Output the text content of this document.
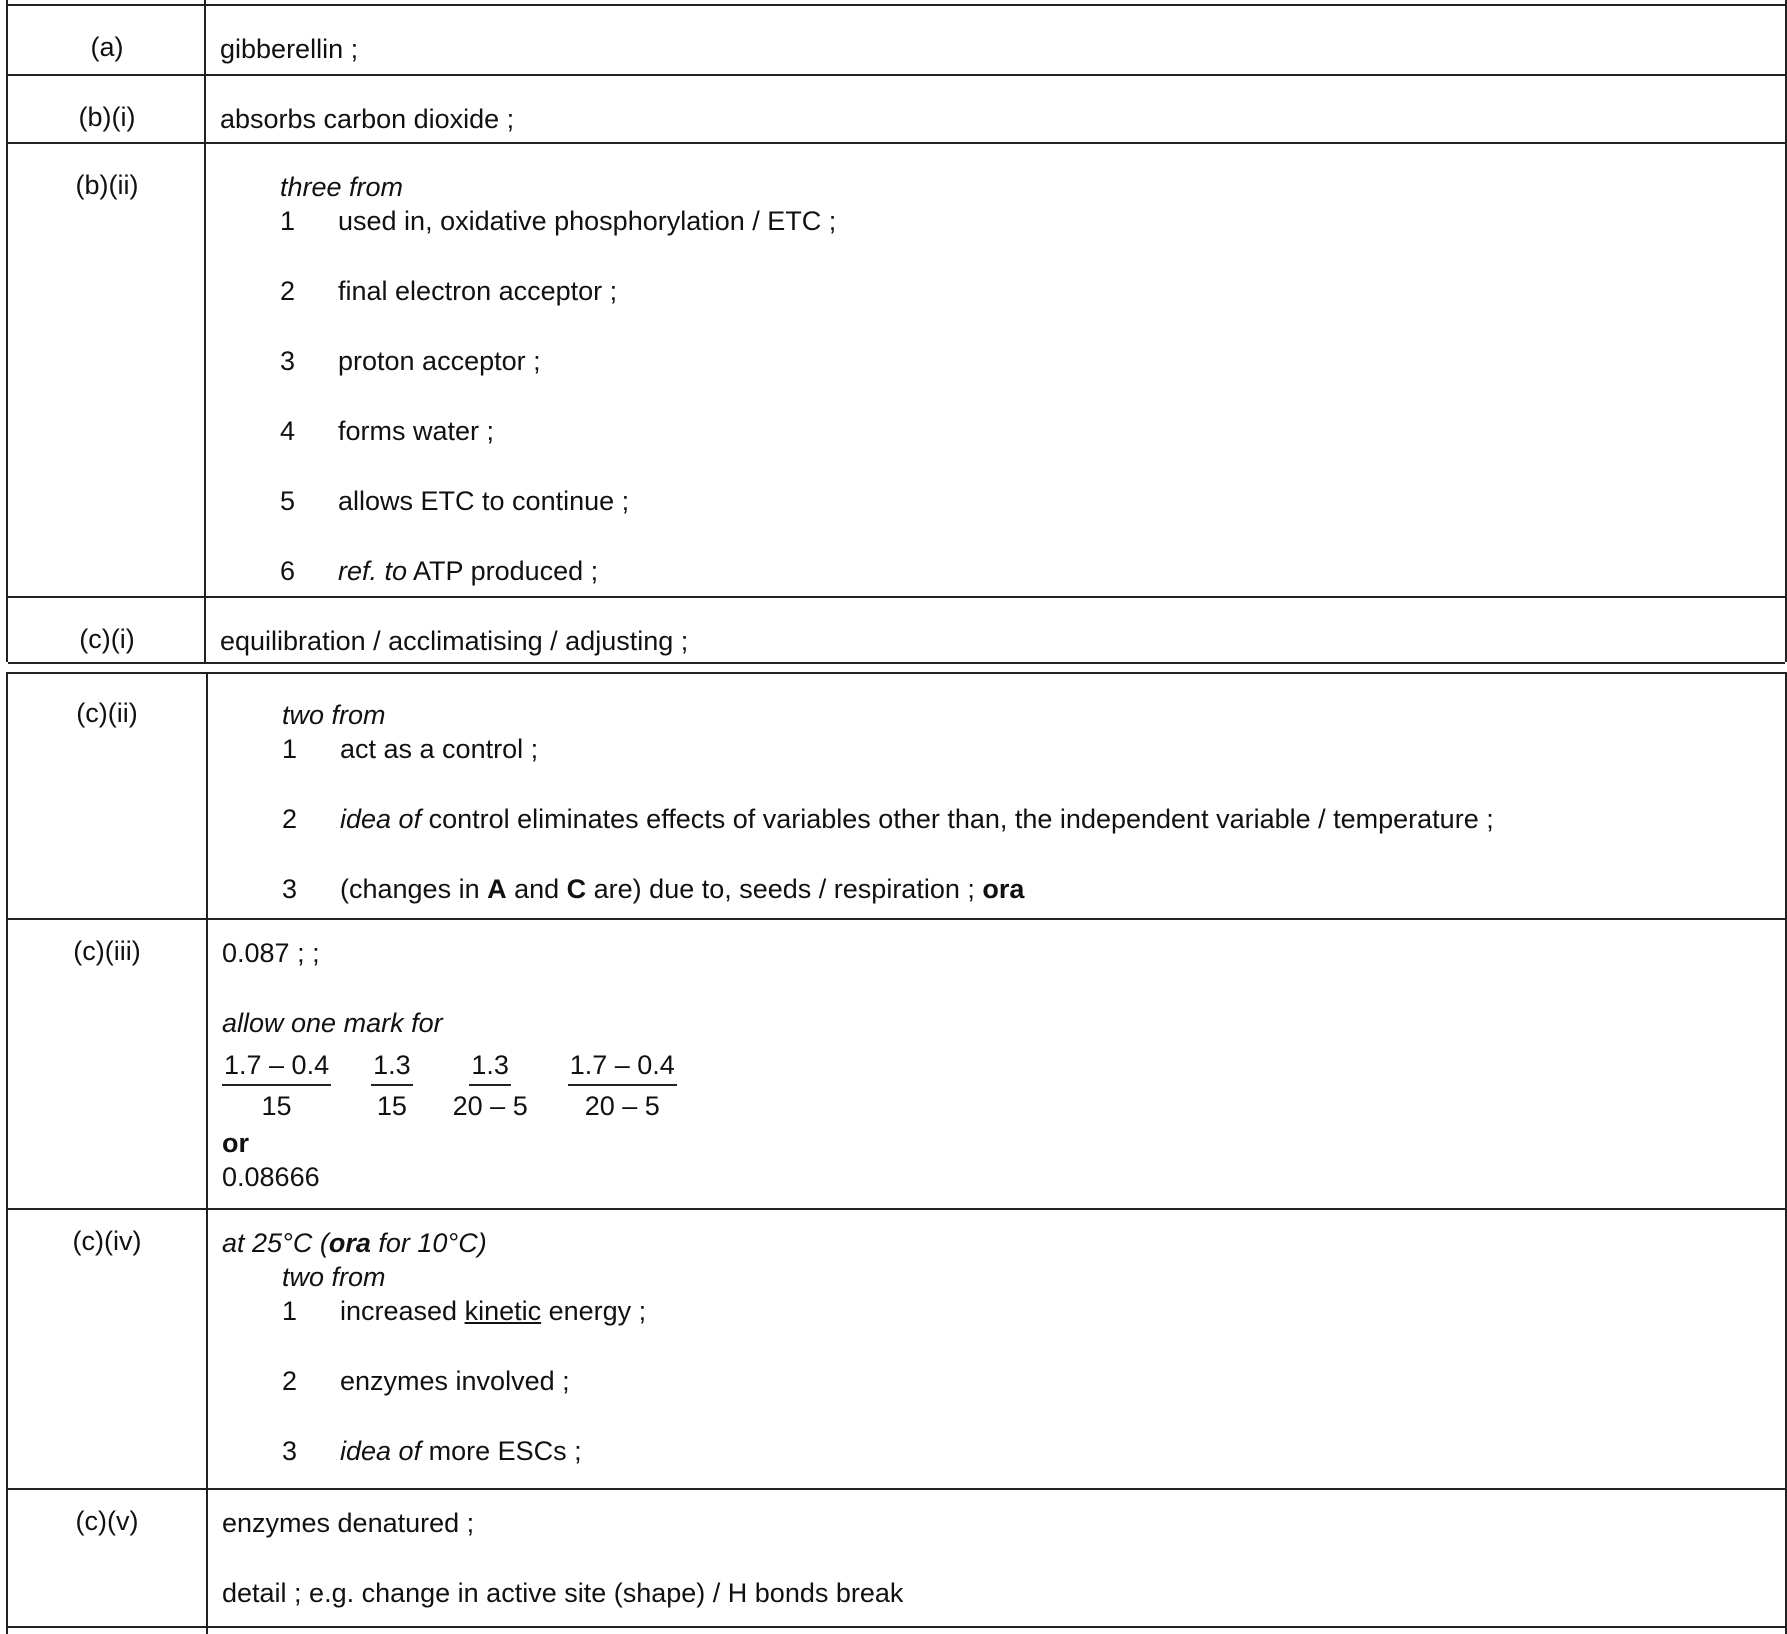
(a)	gibberellin ;
(b)(i)	absorbs carbon dioxide ;
(b)(ii)	three from
1 used in, oxidative phosphorylation / ETC ;
2 final electron acceptor ;
3 proton acceptor ;
4 forms water ;
5 allows ETC to continue ;
6 ref. to ATP produced ;
(c)(i)	equilibration / acclimatising / adjusting ;
(c)(ii)	two from
1 act as a control ;
2 idea of control eliminates effects of variables other than, the independent variable / temperature ;
3 (changes in A and C are) due to, seeds / respiration ; ora
(c)(iii)	0.087 ; ;
allow one mark for
$\frac{1.7 - 0.4}{15} \frac{1.3}{15} \frac{1.3}{20 - 5} \frac{1.7 - 0.4}{20 - 5}$
or
0.08666
(c)(iv)	at 25°C (ora for 10°C)
two from
1 increased kinetic energy ;
2 enzymes involved ;
3 idea of more ESCs ;
(c)(v)	enzymes denatured ;
detail ; e.g. change in active site (shape) / H bonds break
